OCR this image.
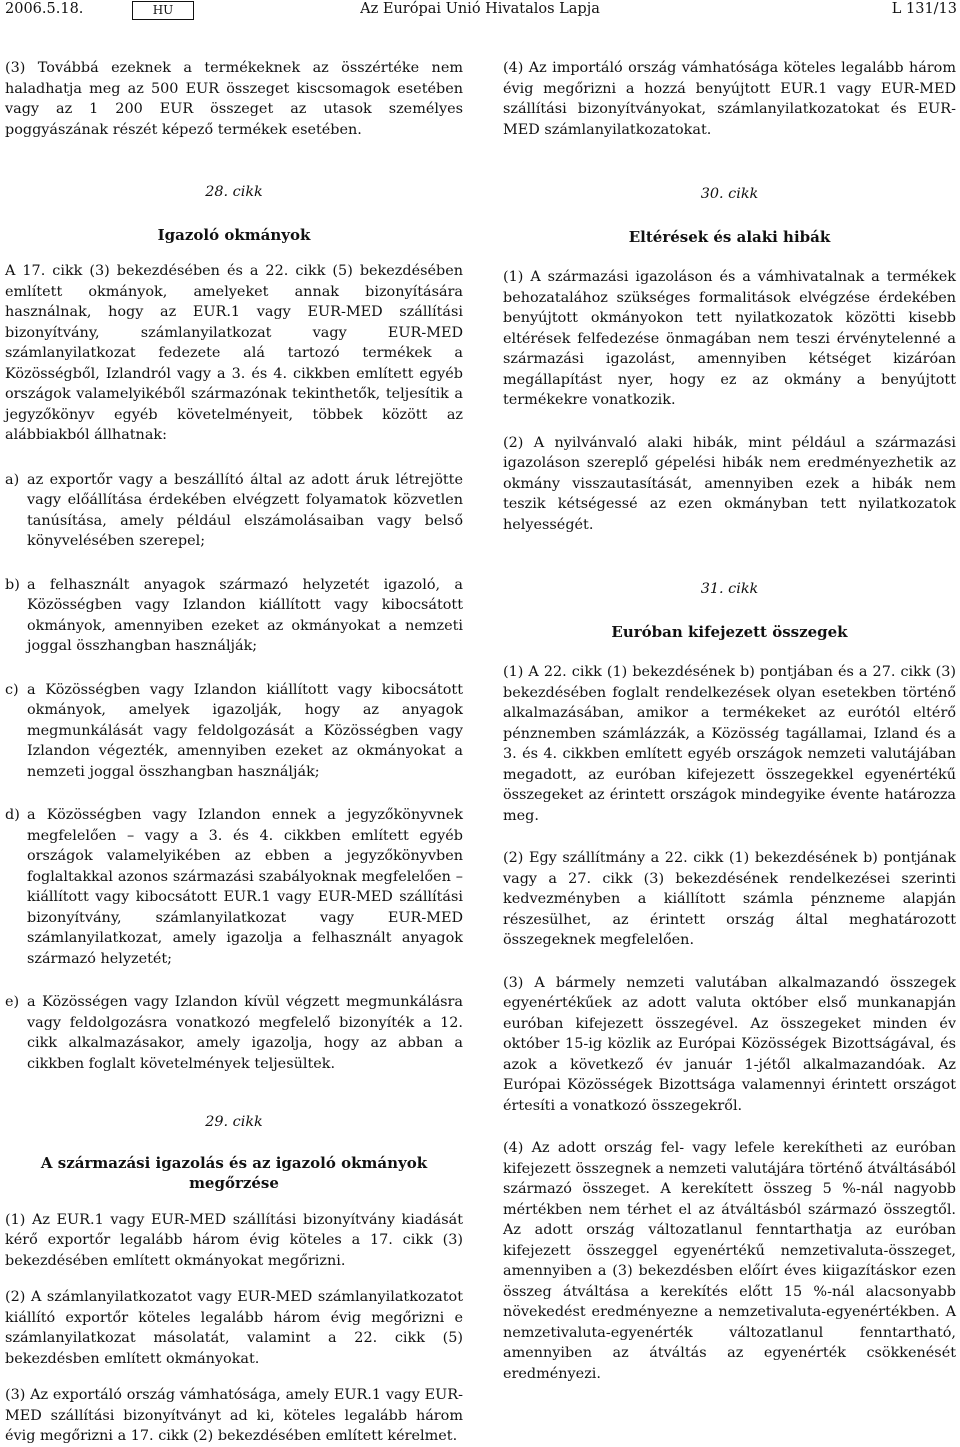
2006.5.18.	HU	Az Európai Unió Hivatalos Lapja	L 131/13

(3) Továbbá ezeknek a termékeknek az összértéke nem haladhatja meg az 500 EUR összeget kiscsomagok esetében vagy az 1 200 EUR összeget az utasok személyes poggyászának részét képező termékek esetében.

28. cikk

Igazoló okmányok

A 17. cikk (3) bekezdésében és a 22. cikk (5) bekezdésében említett okmányok, amelyeket annak bizonyítására használnak, hogy az EUR.1 vagy EUR-MED szállítási bizonyítvány, számlanyilatkozat vagy EUR-MED számlanyilatkozat fedezete alá tartozó termékek a Közösségből, Izlandról vagy a 3. és 4. cikkben említett egyéb országok valamelyikéből származónak tekinthetők, teljesítik a jegyzőkönyv egyéb követelményeit, többek között az alábbiakból állhatnak:

a) az exportőr vagy a beszállító által az adott áruk létrejötte vagy előállítása érdekében elvégzett folyamatok közvetlen tanúsítása, amely például elszámolásaiban vagy belső könyvelésében szerepel;
b) a felhasznált anyagok származó helyzetét igazoló, a Közösségben vagy Izlandon kiállított vagy kibocsátott okmányok, amennyiben ezeket az okmányokat a nemzeti joggal összhangban használják;
c) a Közösségben vagy Izlandon kiállított vagy kibocsátott okmányok, amelyek igazolják, hogy az anyagok megmunkálását vagy feldolgozását a Közösségben vagy Izlandon végezték, amennyiben ezeket az okmányokat a nemzeti joggal összhangban használják;
d) a Közösségben vagy Izlandon ennek a jegyzőkönyvnek megfelelően – vagy a 3. és 4. cikkben említett egyéb országok valamelyikében az ebben a jegyzőkönyvben foglaltakkal azonos származási szabályoknak megfelelően – kiállított vagy kibocsátott EUR.1 vagy EUR-MED szállítási bizonyítvány, számlanyilatkozat vagy EUR-MED számlanyilatkozat, amely igazolja a felhasznált anyagok származó helyzetét;
e) a Közösségen vagy Izlandon kívül végzett megmunkálásra vagy feldolgozásra vonatkozó megfelelő bizonyíték a 12. cikk alkalmazásakor, amely igazolja, hogy az abban a cikkben foglalt követelmények teljesültek.

29. cikk

A származási igazolás és az igazoló okmányok megőrzése

(1) Az EUR.1 vagy EUR-MED szállítási bizonyítvány kiadását kérő exportőr legalább három évig köteles a 17. cikk (3) bekezdésében említett okmányokat megőrizni.

(2) A számlanyilatkozatot vagy EUR-MED számlanyilatkozatot kiállító exportőr köteles legalább három évig megőrizni e számlanyilatkozat másolatát, valamint a 22. cikk (5) bekezdésben említett okmányokat.

(3) Az exportáló ország vámhatósága, amely EUR.1 vagy EUR-MED szállítási bizonyítványt ad ki, köteles legalább három évig megőrizni a 17. cikk (2) bekezdésében említett kérelmet.

(4) Az importáló ország vámhatósága köteles legalább három évig megőrizni a hozzá benyújtott EUR.1 vagy EUR-MED szállítási bizonyítványokat, számlanyilatkozatokat és EUR-MED számlanyilatkozatokat.

30. cikk

Eltérések és alaki hibák

(1) A származási igazoláson és a vámhivatalnak a termékek behozatalához szükséges formalitások elvégzése érdekében benyújtott okmányokon tett nyilatkozatok közötti kisebb eltérések felfedezése önmagában nem teszi érvénytelenné a származási igazolást, amennyiben kétséget kizáróan megállapítást nyer, hogy ez az okmány a benyújtott termékekre vonatkozik.

(2) A nyilvánvaló alaki hibák, mint például a származási igazoláson szereplő gépelési hibák nem eredményezhetik az okmány visszautasítását, amennyiben ezek a hibák nem teszik kétségessé az ezen okmányban tett nyilatkozatok helyességét.

31. cikk

Euróban kifejezett összegek

(1) A 22. cikk (1) bekezdésének b) pontjában és a 27. cikk (3) bekezdésében foglalt rendelkezések olyan esetekben történő alkalmazásában, amikor a termékeket az eurótól eltérő pénznemben számlázzák, a Közösség tagállamai, Izland és a 3. és 4. cikkben említett egyéb országok nemzeti valutájában megadott, az euróban kifejezett összegekkel egyenértékű összegeket az érintett országok mindegyike évente határozza meg.

(2) Egy szállítmány a 22. cikk (1) bekezdésének b) pontjának vagy a 27. cikk (3) bekezdésének rendelkezései szerinti kedvezményben a kiállított számla pénzneme alapján részesülhet, az érintett ország által meghatározott összegeknek megfelelően.

(3) A bármely nemzeti valutában alkalmazandó összegek egyenértékűek az adott valuta október első munkanapján euróban kifejezett összegével. Az összegeket minden év október 15-ig közlik az Európai Közösségek Bizottságával, és azok a következő év január 1-jétől alkalmazandóak. Az Európai Közösségek Bizottsága valamennyi érintett országot értesíti a vonatkozó összegekről.

(4) Az adott ország fel- vagy lefele kerekítheti az euróban kifejezett összegnek a nemzeti valutájára történő átváltásából származó összeget. A kerekített összeg 5 %-nál nagyobb mértékben nem térhet el az átváltásból származó összegtől. Az adott ország változatlanul fenntarthatja az euróban kifejezett összeggel egyenértékű nemzetivaluta-összeget, amennyiben a (3) bekezdésben előírt éves kiigazításkor ezen összeg átváltása a kerekítés előtt 15 %-nál alacsonyabb növekedést eredményezne a nemzetivaluta-egyenértékben. A nemzetivaluta-egyenérték változatlanul fenntartható, amennyiben az átváltás az egyenérték csökkenését eredményezi.
